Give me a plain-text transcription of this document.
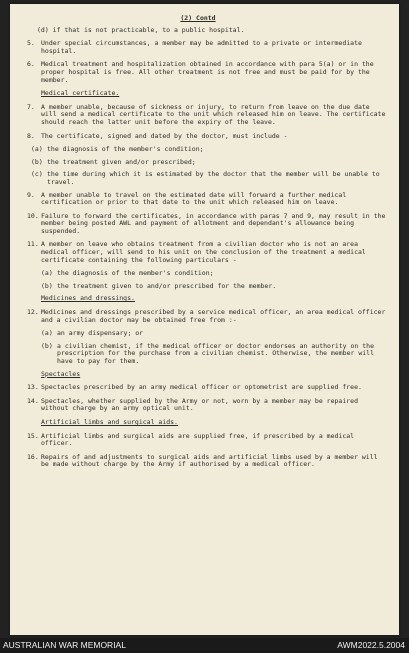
(2) Contd
(d) if that is not practicable, to a public hospital.
5. Under special circumstances, a member may be admitted to a private or intermediate hospital.
6. Medical treatment and hospitalization obtained in accordance with para 5(a) or in the proper hospital is free. All other treatment is not free and must be paid for by the member.
Medical certificate.
7. A member unable, because of sickness or injury, to return from leave on the due date will send a medical certificate to the unit which released him on leave. The certificate should reach the latter unit before the expiry of the leave.
8. The certificate, signed and dated by the doctor, must include -
(a) the diagnosis of the member's condition;
(b) the treatment given and/or prescribed;
(c) the time during which it is estimated by the doctor that the member will be unable to travel.
9. A member unable to travel on the estimated date will forward a further medical certification or prior to that date to the unit which released him on leave.
10. Failure to forward the certificates, in accordance with paras 7 and 9, may result in the member being posted AWL and payment of allotment and dependant's allowance being suspended.
11. A member on leave who obtains treatment from a civilian doctor who is not an area medical officer, will send to his unit on the conclusion of the treatment a medical certificate containing the following particulars -
(a) the diagnosis of the member's condition;
(b) the treatment given to and/or prescribed for the member.
Medicines and dressings.
12. Medicines and dressings prescribed by a service medical officer, an area medical officer and a civilian doctor may be obtained free from :-
(a) an army dispensary; or
(b) a civilian chemist, if the medical officer or doctor endorses an authority on the prescription for the purchase from a civilian chemist. Otherwise, the member will have to pay for them.
Spectacles
13. Spectacles prescribed by an army medical officer or optometrist are supplied free.
14. Spectacles, whether supplied by the Army or not, worn by a member may be repaired without charge by an army optical unit.
Artificial limbs and surgical aids.
15. Artificial limbs and surgical aids are supplied free, if prescribed by a medical officer.
16. Repairs of and adjustments to surgical aids and artificial limbs used by a member will be made without charge by the Army if authorised by a medical officer.
AUSTRALIAN WAR MEMORIAL	AWM2022.5.2004
